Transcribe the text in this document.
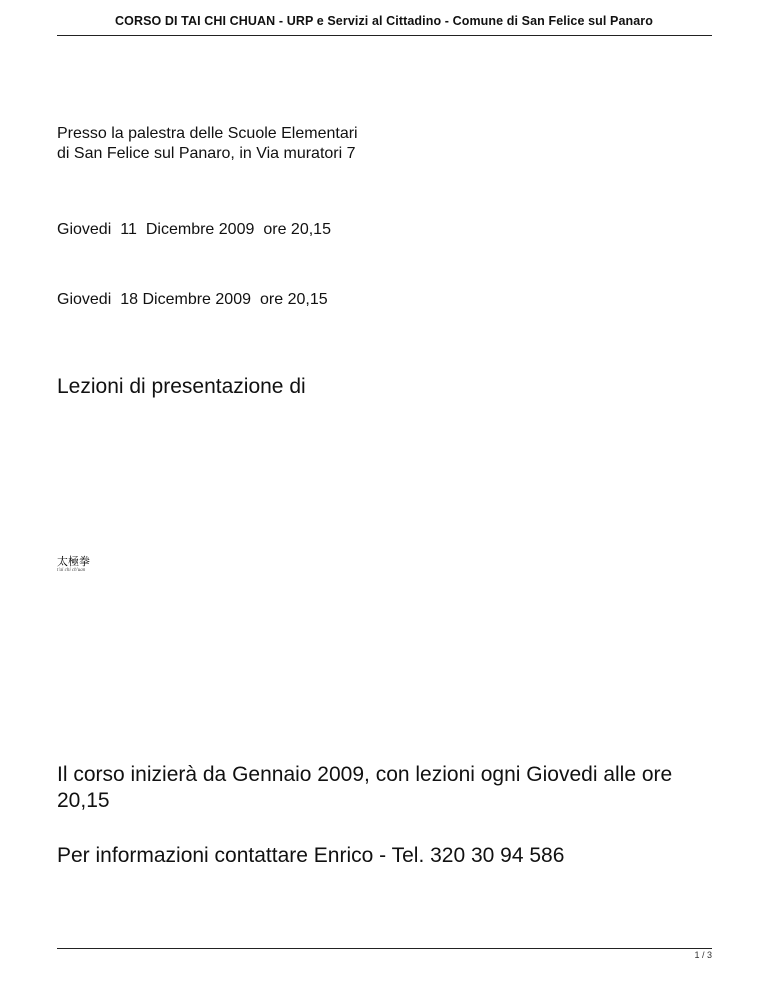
CORSO DI TAI CHI CHUAN - URP e Servizi al Cittadino - Comune di San Felice sul Panaro

Presso la palestra delle Scuole Elementari
di San Felice sul Panaro, in Via muratori 7

Giovedi 11 Dicembre 2009 ore 20,15

Giovedi 18 Dicembre 2009 ore 20,15

Lezioni di presentazione di

太極拳
t'ai chi ch'uan

Il corso inizierà da Gennaio 2009, con lezioni ogni Giovedi alle ore 20,15

Per informazioni contattare Enrico - Tel. 320 30 94 586

1 / 3
